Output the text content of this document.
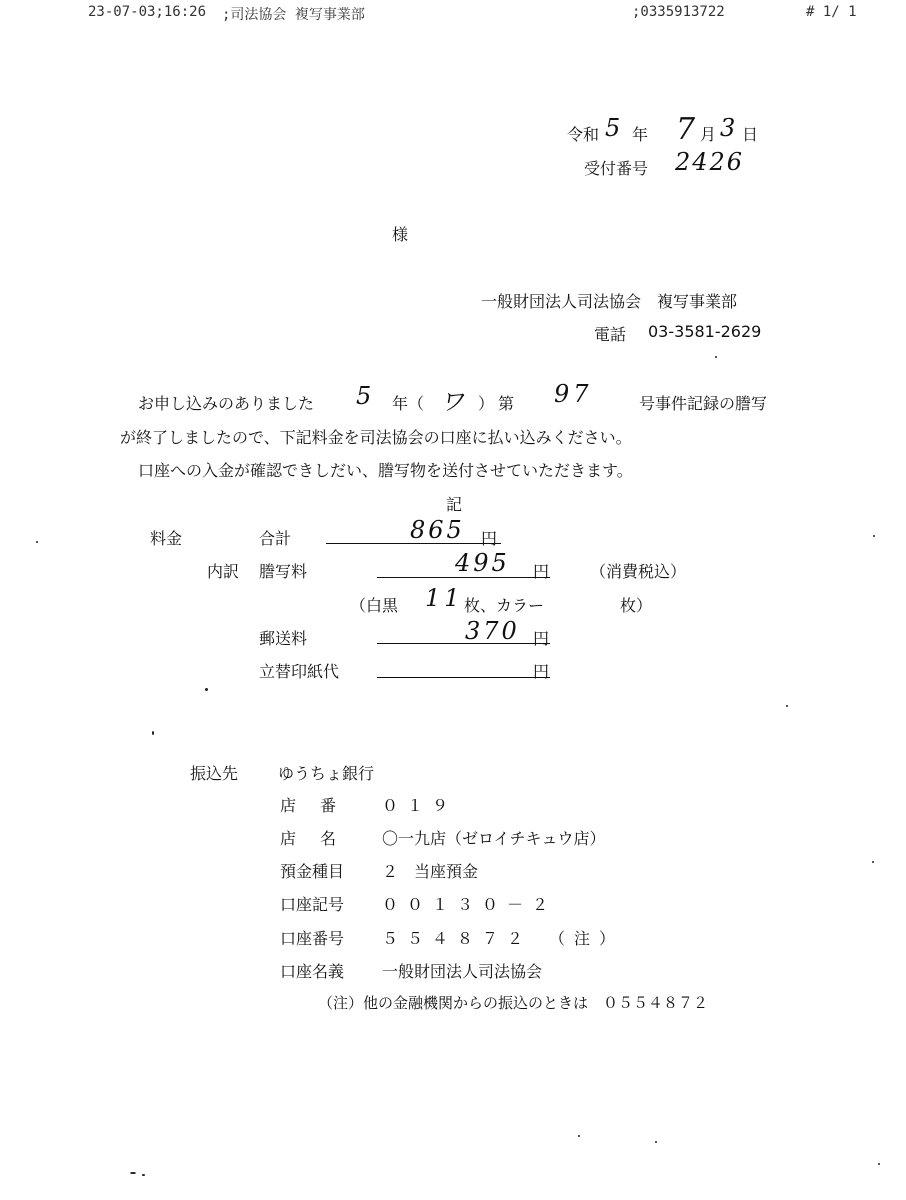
23-07-03;16:26 ;司法協会 複写事業部	;0335913722	# 1/ 1
令和 5 年 7 月 3 日
受付番号 2426
様
一般財団法人司法協会　複写事業部
電話 03-3581-2629
お申し込みのありました 5 年（ ワ ） 第 97	号事件記録の謄写
が終了しましたので、下記料金を司法協会の口座に払い込みください。
口座への入金が確認できしだい、謄写物を送付させていただきます。
記
料金	合計	865 円
内訳 謄写料	495 円	（消費税込）
（白黒 11 枚、カラー	枚）
郵送料	370 円
立替印紙代	円
振込先 ゆうちょ銀行
店　番	０１９
店　名	〇一九店（ゼロイチキュウ店）
預金種目 ２　当座預金
口座記号 ００１３０－２
口座番号 ５５４８７２　（注）
口座名義 一般財団法人司法協会
（注）他の金融機関からの振込のときは　０５５４８７２
